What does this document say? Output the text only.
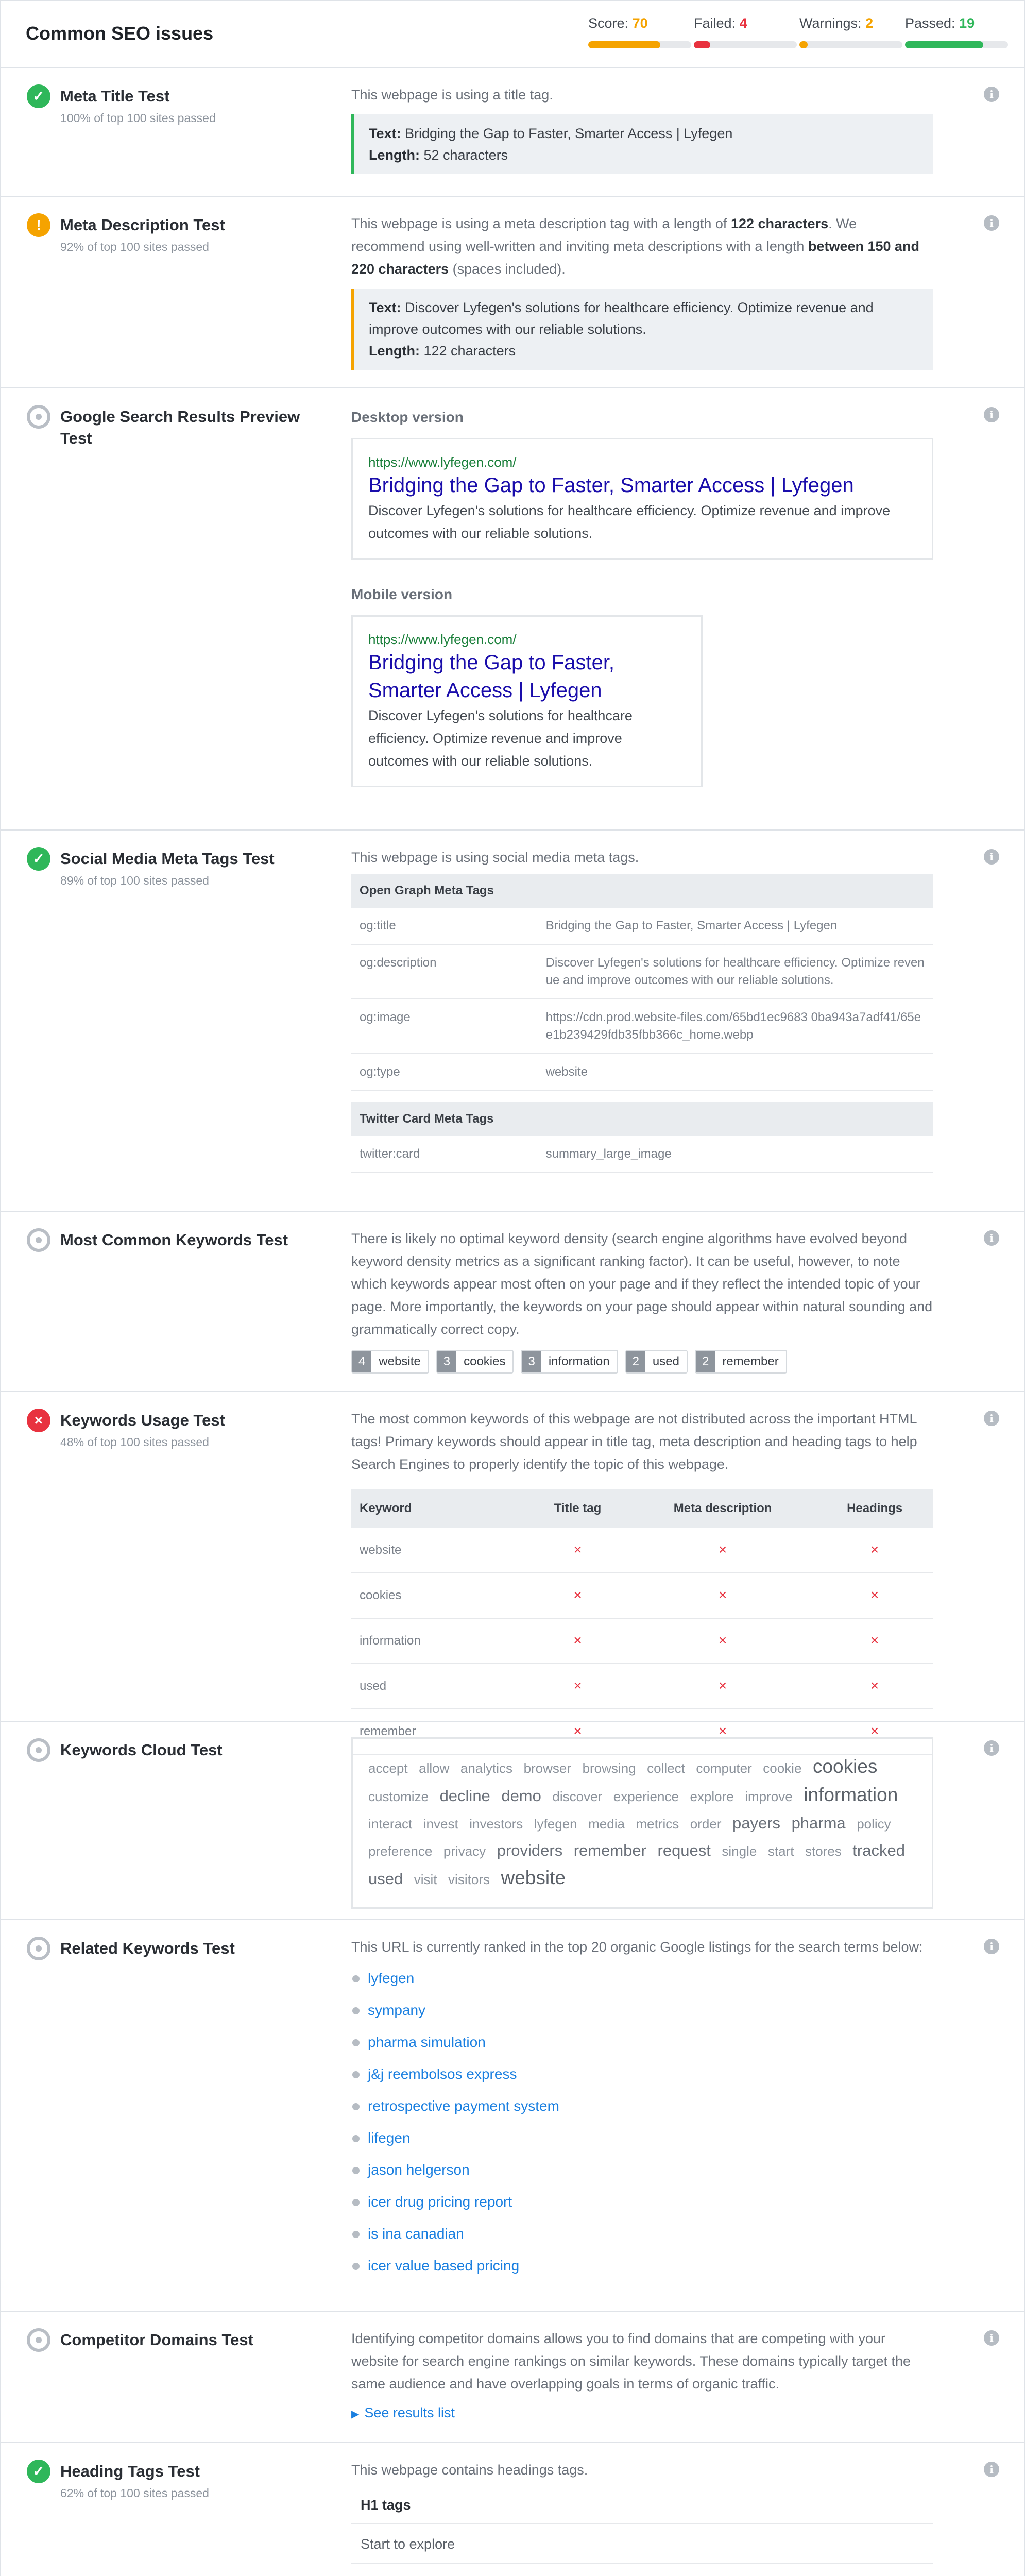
Common SEO issues	Score: 70	Failed: 4	Warnings: 2	Passed: 19
✓ Meta Title Test
100% of top 100 sites passed
i
This webpage is using a title tag.
Text: Bridging the Gap to Faster, Smarter Access | Lyfegen
Length: 52 characters
!	Meta Description Test
92% of top 100 sites passed
i
This webpage is using a meta description tag with a length of 122 characters. We recommend using well-written and inviting meta descriptions with a length between 150 and 220 characters (spaces included).
Text: Discover Lyfegen's solutions for healthcare efficiency. Optimize revenue and improve outcomes with our reliable solutions.
Length: 122 characters
Google Search Results Preview Test
i
Desktop version
https://www.lyfegen.com/
Bridging the Gap to Faster, Smarter Access | Lyfegen
Discover Lyfegen's solutions for healthcare efficiency. Optimize revenue and improve outcomes with our reliable solutions.
Mobile version
https://www.lyfegen.com/
Bridging the Gap to Faster, Smarter Access | Lyfegen
Discover Lyfegen's solutions for healthcare efficiency. Optimize revenue and improve outcomes with our reliable solutions.
✓ Social Media Meta Tags Test
89% of top 100 sites passed
i
This webpage is using social media meta tags.
Open Graph Meta Tags	
og:title	Bridging the Gap to Faster, Smarter Access | Lyfegen
og:description	Discover Lyfegen's solutions for healthcare efficiency. Optimize revenue and improve outcomes with our reliable solutions.
og:image	https://cdn.prod.website-files.com/65bd1ec9683 0ba943a7adf41/65ee1b239429fdb35fbb366c_home.webp
og:type	website

Twitter Card Meta Tags	
twitter:card	summary_large_image
Most Common Keywords Test	i
There is likely no optimal keyword density (search engine algorithms have evolved beyond keyword density metrics as a significant ranking factor). It can be useful, however, to note which keywords appear most often on your page and if they reflect the intended topic of your page. More importantly, the keywords on your page should appear within natural sounding and grammatically correct copy.
4	website	3	cookies	3	information	2	used	2	remember
×	Keywords Usage Test
48% of top 100 sites passed
i
The most common keywords of this webpage are not distributed across the important HTML tags! Primary keywords should appear in title tag, meta description and heading tags to help Search Engines to properly identify the topic of this webpage.
Keyword	Title tag	Meta description	Headings
website	×	×	×
cookies	×	×	×
information	×	×	×
used	×	×	×
remember	×	×	×
Keywords Cloud Test	i
accept allow analytics browser browsing collect computer cookie cookies customize decline demo discover experience explore improve information interact invest investors lyfegen media metrics order payers pharma policy preference privacy providers remember request single start stores tracked used visit visitors website
Related Keywords Test	i
This URL is currently ranked in the top 20 organic Google listings for the search terms below:
lyfegen
sympany
pharma simulation
j&j reembolsos express
retrospective payment system
lifegen
jason helgerson
icer drug pricing report
is ina canadian
icer value based pricing
Competitor Domains Test	i
Identifying competitor domains allows you to find domains that are competing with your website for search engine rankings on similar keywords. These domains typically target the same audience and have overlapping goals in terms of organic traffic.
▶ See results list
✓ Heading Tags Test
62% of top 100 sites passed
i
This webpage contains headings tags.
H1 tags
Start to explore
